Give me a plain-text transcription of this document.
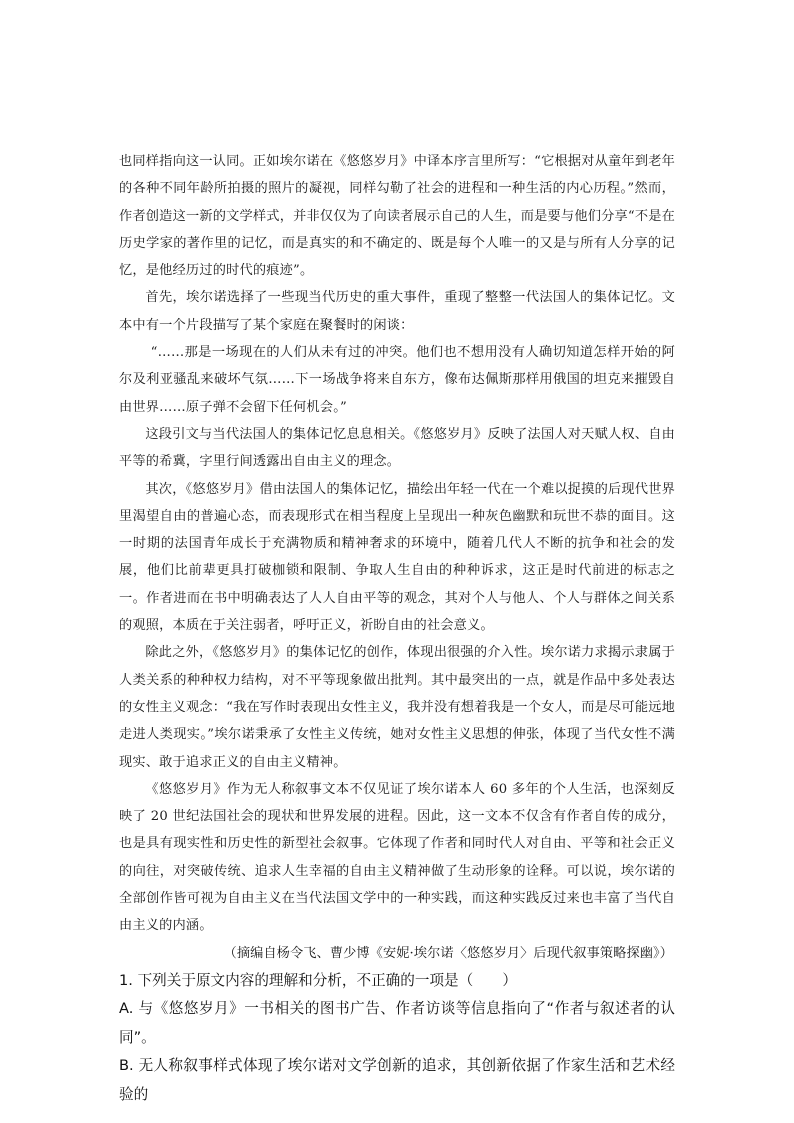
也同样指向这一认同。正如埃尔诺在《悠悠岁月》中译本序言里所写：“它根据对从童年到老年的各种不同年龄所拍摄的照片的凝视，同样勾勒了社会的进程和一种生活的内心历程。”然而，作者创造这一新的文学样式，并非仅仅为了向读者展示自己的人生，而是要与他们分享“不是在历史学家的著作里的记忆，而是真实的和不确定的、既是每个人唯一的又是与所有人分享的记忆，是他经历过的时代的痕迹”。

首先，埃尔诺选择了一些现当代历史的重大事件，重现了整整一代法国人的集体记忆。文本中有一个片段描写了某个家庭在聚餐时的闲谈：

“……那是一场现在的人们从未有过的冲突。他们也不想用没有人确切知道怎样开始的阿尔及利亚骚乱来破坏气氛……下一场战争将来自东方，像布达佩斯那样用俄国的坦克来摧毁自由世界……原子弹不会留下任何机会。”

这段引文与当代法国人的集体记忆息息相关。《悠悠岁月》反映了法国人对天赋人权、自由平等的希冀，字里行间透露出自由主义的理念。

其次，《悠悠岁月》借由法国人的集体记忆，描绘出年轻一代在一个难以捉摸的后现代世界里渴望自由的普遍心态，而表现形式在相当程度上呈现出一种灰色幽默和玩世不恭的面目。这一时期的法国青年成长于充满物质和精神奢求的环境中，随着几代人不断的抗争和社会的发展，他们比前辈更具打破枷锁和限制、争取人生自由的种种诉求，这正是时代前进的标志之一。作者进而在书中明确表达了人人自由平等的观念，其对个人与他人、个人与群体之间关系的观照，本质在于关注弱者，呼吁正义，祈盼自由的社会意义。

除此之外，《悠悠岁月》的集体记忆的创作，体现出很强的介入性。埃尔诺力求揭示隶属于人类关系的种种权力结构，对不平等现象做出批判。其中最突出的一点，就是作品中多处表达的女性主义观念：“我在写作时表现出女性主义，我并没有想着我是一个女人，而是尽可能远地走进人类现实。”埃尔诺秉承了女性主义传统，她对女性主义思想的伸张，体现了当代女性不满现实、敢于追求正义的自由主义精神。

《悠悠岁月》作为无人称叙事文本不仅见证了埃尔诺本人 60 多年的个人生活，也深刻反映了 20 世纪法国社会的现状和世界发展的进程。因此，这一文本不仅含有作者自传的成分，也是具有现实性和历史性的新型社会叙事。它体现了作者和同时代人对自由、平等和社会正义的向往，对突破传统、追求人生幸福的自由主义精神做了生动形象的诠释。可以说，埃尔诺的全部创作皆可视为自由主义在当代法国文学中的一种实践，而这种实践反过来也丰富了当代自由主义的内涵。

（摘编自杨令飞、曹少博《安妮·埃尔诺〈悠悠岁月〉后现代叙事策略探幽》）

1. 下列关于原文内容的理解和分析，不正确的一项是（　　）

A. 与《悠悠岁月》一书相关的图书广告、作者访谈等信息指向了“作者与叙述者的认同”。

B. 无人称叙事样式体现了埃尔诺对文学创新的追求，其创新依据了作家生活和艺术经验的
